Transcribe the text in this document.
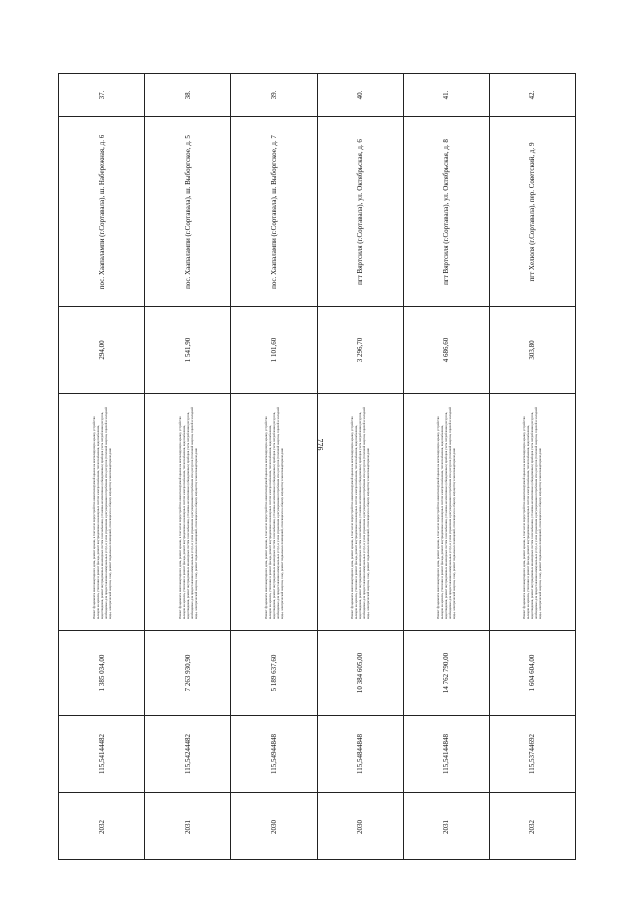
776
37.
пос. Хаапалампи (г.Сортавала), ш. Набережная, д. 6
294,00
Ремонт фундамента многоквартирного дома, ремонт крыши, в том числе переустройство невентилируемой крыши на вентилируемую крышу, устройство выходов на кровлю, утепление и ремонт фасада, ремонт внутридомовых инженерных систем электроснабжения, теплоснабжения, водоснабжения, водоотведения, ремонт внутридомовых инженерных систем газоснабжения, установка коллективных (общедомовых) приборов учета потребления ресурсов, необходимых для предоставления коммунальных услуг, и узлов управления и регулирования потребления этих ресурсов (тепловой энергии, горячей и холодной воды, электрической энергии, газа), ремонт подвальных помещений, относящихся к общему имуществу в многоквартирном доме
1 385 034,00
115,54144482
2032
38.
пос. Хаапалампи (г.Сортавала), ш. Выборгское, д. 5
1 541,90
Ремонт фундамента многоквартирного дома, ремонт крыши, в том числе переустройство невентилируемой крыши на вентилируемую крышу, устройство выходов на кровлю, утепление и ремонт фасада, ремонт внутридомовых инженерных систем электроснабжения, теплоснабжения, водоснабжения, водоотведения, ремонт внутридомовых инженерных систем газоснабжения, установка коллективных (общедомовых) приборов учета потребления ресурсов, необходимых для предоставления коммунальных услуг, и узлов управления и регулирования потребления этих ресурсов (тепловой энергии, горячей и холодной воды, электрической энергии, газа), ремонт подвальных помещений, относящихся к общему имуществу в многоквартирном доме
7 263 930,90
115,54244482
2031
39.
пос. Хаапалампи (г.Сортавала), ш. Выборгское, д. 7
1 101,60
Ремонт фундамента многоквартирного дома, ремонт крыши, в том числе переустройство невентилируемой крыши на вентилируемую крышу, устройство выходов на кровлю, утепление и ремонт фасада, ремонт внутридомовых инженерных систем электроснабжения, теплоснабжения, водоснабжения, водоотведения, ремонт внутридомовых инженерных систем газоснабжения, установка коллективных (общедомовых) приборов учета потребления ресурсов, необходимых для предоставления коммунальных услуг, и узлов управления и регулирования потребления этих ресурсов (тепловой энергии, горячей и холодной воды, электрической энергии, газа), ремонт подвальных помещений, относящихся к общему имуществу в многоквартирном доме
5 189 637,60
115,54944848
2030
40.
пгт Вяртсиля (г.Сортавала), ул. Октябрьская, д. 6
3 296,70
Ремонт фундамента многоквартирного дома, ремонт крыши, в том числе переустройство невентилируемой крыши на вентилируемую крышу, устройство выходов на кровлю, утепление и ремонт фасада, ремонт внутридомовых инженерных систем электроснабжения, теплоснабжения, водоснабжения, водоотведения, ремонт внутридомовых инженерных систем газоснабжения, установка коллективных (общедомовых) приборов учета потребления ресурсов, необходимых для предоставления коммунальных услуг, и узлов управления и регулирования потребления этих ресурсов (тепловой энергии, горячей и холодной воды, электрической энергии, газа), ремонт подвальных помещений, относящихся к общему имуществу в многоквартирном доме
10 384 605,00
115,54844848
2030
41.
пгт Вяртсиля (г.Сортавала), ул. Октябрьская, д. 8
4 686,60
Ремонт фундамента многоквартирного дома, ремонт крыши, в том числе переустройство невентилируемой крыши на вентилируемую крышу, устройство выходов на кровлю, утепление и ремонт фасада, ремонт внутридомовых инженерных систем электроснабжения, теплоснабжения, водоснабжения, водоотведения, ремонт внутридомовых инженерных систем газоснабжения, установка коллективных (общедомовых) приборов учета потребления ресурсов, необходимых для предоставления коммунальных услуг, и узлов управления и регулирования потребления этих ресурсов (тепловой энергии, горячей и холодной воды, электрической энергии, газа), ремонт подвальных помещений, относящихся к общему имуществу в многоквартирном доме
14 762 790,00
115,54144848
2031
42.
пгт Хелюля (г.Сортавала), пер. Советский, д. 9
303,80
Ремонт фундамента многоквартирного дома, ремонт крыши, в том числе переустройство невентилируемой крыши на вентилируемую крышу, устройство выходов на кровлю, утепление и ремонт фасада, ремонт внутридомовых инженерных систем электроснабжения, теплоснабжения, водоснабжения, водоотведения, ремонт внутридомовых инженерных систем газоснабжения, установка коллективных (общедомовых) приборов учета потребления ресурсов, необходимых для предоставления коммунальных услуг, и узлов управления и регулирования потребления этих ресурсов (тепловой энергии, горячей и холодной воды, электрической энергии, газа), ремонт подвальных помещений, относящихся к общему имуществу в многоквартирном доме
1 604 604,00
115,53744692
2032
